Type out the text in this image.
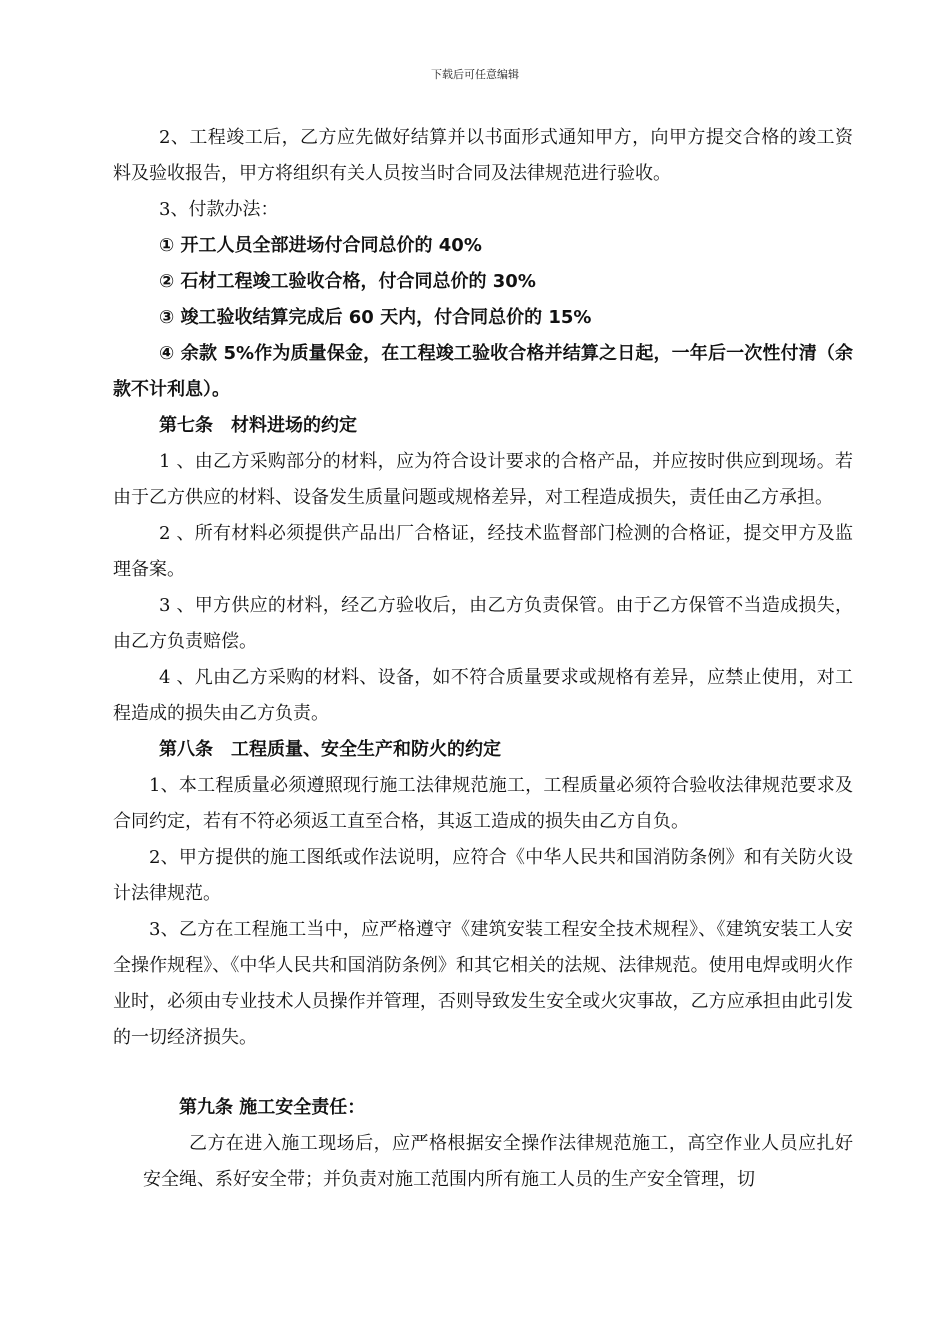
下载后可任意编辑

2、工程竣工后，乙方应先做好结算并以书面形式通知甲方，向甲方提交合格的竣工资料及验收报告，甲方将组织有关人员按当时合同及法律规范进行验收。

3、付款办法：

① 开工人员全部进场付合同总价的 40%

② 石材工程竣工验收合格，付合同总价的 30%

③ 竣工验收结算完成后 60 天内，付合同总价的 15%

④ 余款 5%作为质量保金，在工程竣工验收合格并结算之日起，一年后一次性付清（余款不计利息）。

第七条　材料进场的约定

1 、由乙方采购部分的材料，应为符合设计要求的合格产品，并应按时供应到现场。若由于乙方供应的材料、设备发生质量问题或规格差异，对工程造成损失，责任由乙方承担。

2 、所有材料必须提供产品出厂合格证，经技术监督部门检测的合格证，提交甲方及监理备案。

3 、甲方供应的材料，经乙方验收后，由乙方负责保管。由于乙方保管不当造成损失，由乙方负责赔偿。

4 、凡由乙方采购的材料、设备，如不符合质量要求或规格有差异，应禁止使用，对工程造成的损失由乙方负责。

第八条　工程质量、安全生产和防火的约定

1、本工程质量必须遵照现行施工法律规范施工，工程质量必须符合验收法律规范要求及合同约定，若有不符必须返工直至合格，其返工造成的损失由乙方自负。

2、甲方提供的施工图纸或作法说明，应符合《中华人民共和国消防条例》和有关防火设计法律规范。

3、乙方在工程施工当中，应严格遵守《建筑安装工程安全技术规程》、《建筑安装工人安全操作规程》、《中华人民共和国消防条例》和其它相关的法规、法律规范。使用电焊或明火作业时，必须由专业技术人员操作并管理，否则导致发生安全或火灾事故，乙方应承担由此引发的一切经济损失。

第九条 施工安全责任：

乙方在进入施工现场后，应严格根据安全操作法律规范施工，高空作业人员应扎好安全绳、系好安全带；并负责对施工范围内所有施工人员的生产安全管理，切
